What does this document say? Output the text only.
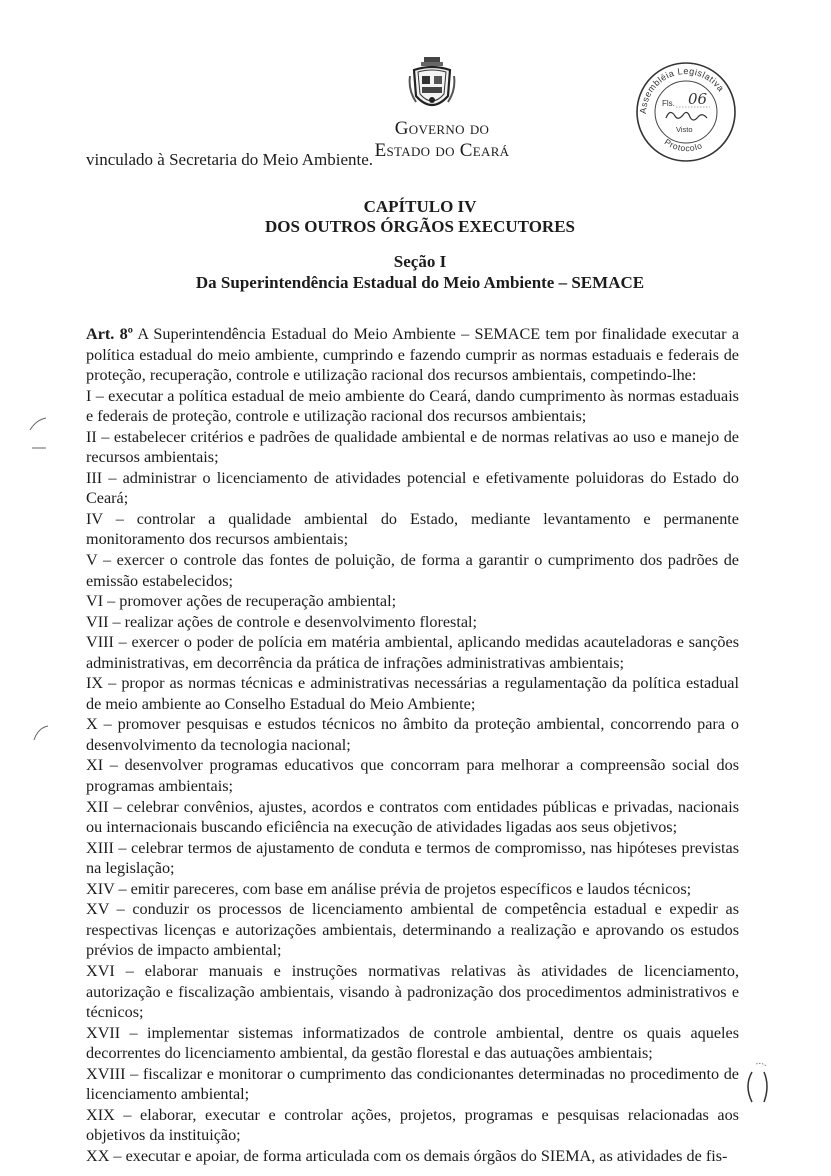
Governo do
Estado do Ceará
Assembléia Legislativa
Protocolo
Fls. 06
Visto
vinculado à Secretaria do Meio Ambiente.
CAPÍTULO IV
DOS OUTROS ÓRGÃOS EXECUTORES
Seção I
Da Superintendência Estadual do Meio Ambiente – SEMACE

Art. 8º A Superintendência Estadual do Meio Ambiente – SEMACE tem por finalidade executar a política estadual do meio ambiente, cumprindo e fazendo cumprir as normas estaduais e federais de proteção, recuperação, controle e utilização racional dos recursos ambientais, competindo-lhe:

I – executar a política estadual de meio ambiente do Ceará, dando cumprimento às normas estaduais e federais de proteção, controle e utilização racional dos recursos ambientais;

II – estabelecer critérios e padrões de qualidade ambiental e de normas relativas ao uso e manejo de recursos ambientais;

III – administrar o licenciamento de atividades potencial e efetivamente poluidoras do Estado do Ceará;

IV – controlar a qualidade ambiental do Estado, mediante levantamento e permanente monitoramento dos recursos ambientais;

V – exercer o controle das fontes de poluição, de forma a garantir o cumprimento dos padrões de emissão estabelecidos;

VI – promover ações de recuperação ambiental;

VII – realizar ações de controle e desenvolvimento florestal;

VIII – exercer o poder de polícia em matéria ambiental, aplicando medidas acauteladoras e sanções administrativas, em decorrência da prática de infrações administrativas ambientais;

IX – propor as normas técnicas e administrativas necessárias a regulamentação da política estadual de meio ambiente ao Conselho Estadual do Meio Ambiente;

X – promover pesquisas e estudos técnicos no âmbito da proteção ambiental, concorrendo para o desenvolvimento da tecnologia nacional;

XI – desenvolver programas educativos que concorram para melhorar a compreensão social dos programas ambientais;

XII – celebrar convênios, ajustes, acordos e contratos com entidades públicas e privadas, nacionais ou internacionais buscando eficiência na execução de atividades ligadas aos seus objetivos;

XIII – celebrar termos de ajustamento de conduta e termos de compromisso, nas hipóteses previstas na legislação;

XIV – emitir pareceres, com base em análise prévia de projetos específicos e laudos técnicos;

XV – conduzir os processos de licenciamento ambiental de competência estadual e expedir as respectivas licenças e autorizações ambientais, determinando a realização e aprovando os estudos prévios de impacto ambiental;

XVI – elaborar manuais e instruções normativas relativas às atividades de licenciamento, autorização e fiscalização ambientais, visando à padronização dos procedimentos administrativos e técnicos;

XVII – implementar sistemas informatizados de controle ambiental, dentre os quais aqueles decorrentes do licenciamento ambiental, da gestão florestal e das autuações ambientais;

XVIII – fiscalizar e monitorar o cumprimento das condicionantes determinadas no procedimento de licenciamento ambiental;

XIX – elaborar, executar e controlar ações, projetos, programas e pesquisas relacionadas aos objetivos da instituição;

XX – executar e apoiar, de forma articulada com os demais órgãos do SIEMA, as atividades de fis-
